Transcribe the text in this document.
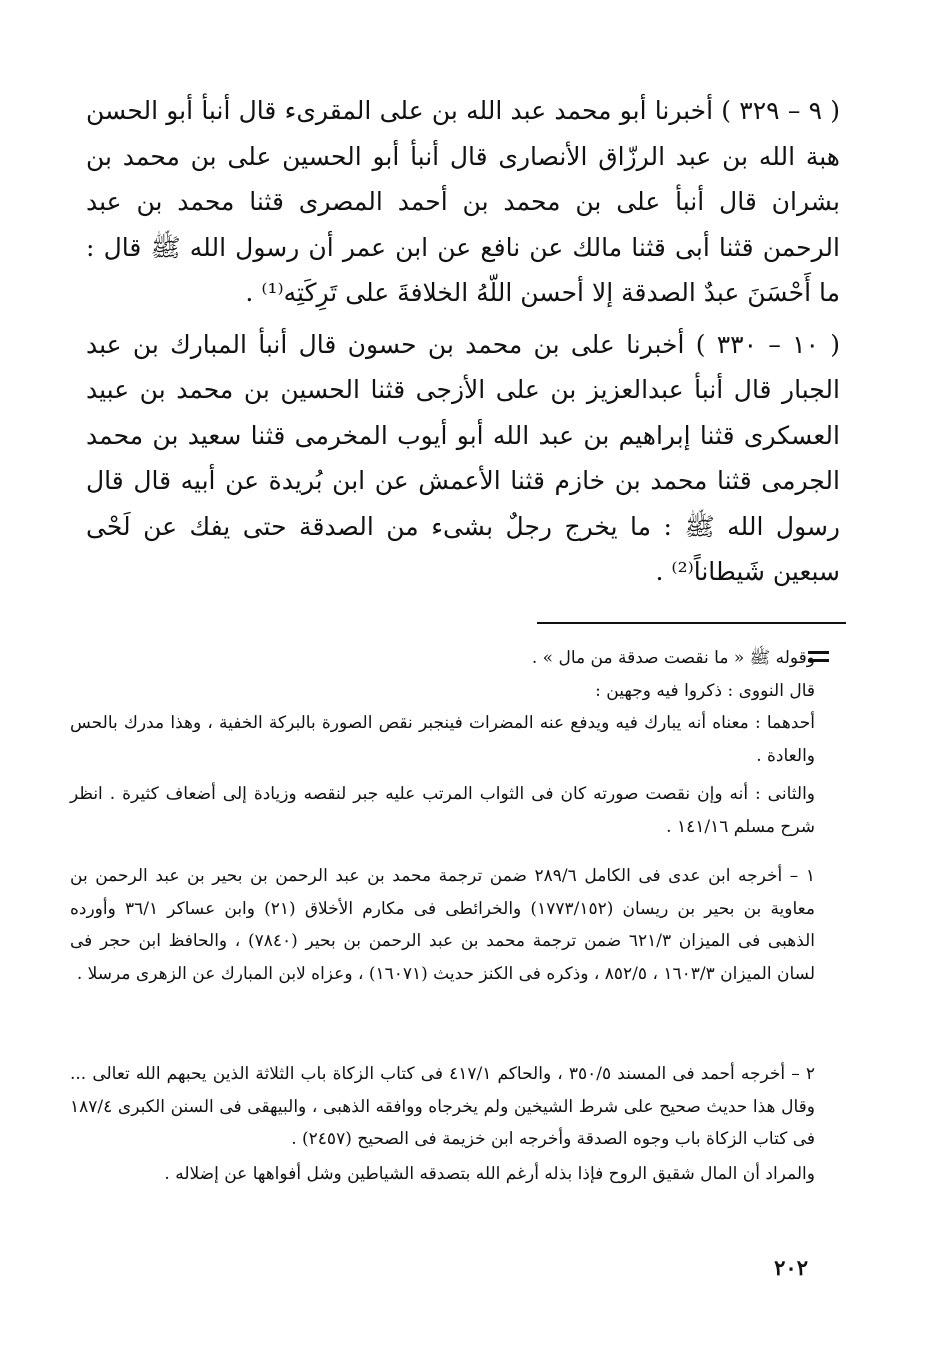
( ٩ – ٣٢٩ ) أخبرنا أبو محمد عبد الله بن على المقرىء قال أنبأ أبو الحسن هبة الله بن عبد الرزّاق الأنصارى قال أنبأ أبو الحسين على بن محمد بن بشران قال أنبأ على بن محمد بن أحمد المصرى قثنا محمد بن عبد الرحمن قثنا أبى قثنا مالك عن نافع عن ابن عمر أن رسول الله ﷺ قال : ما أَحْسَنَ عبدٌ الصدقة إلا أحسن اللّهُ الخلافةَ على تَرِكَتِه⁽¹⁾ .

( ١٠ – ٣٣٠ ) أخبرنا على بن محمد بن حسون قال أنبأ المبارك بن عبد الجبار قال أنبأ عبدالعزيز بن على الأزجى قثنا الحسين بن محمد بن عبيد العسكرى قثنا إبراهيم بن عبد الله أبو أيوب المخرمى قثنا سعيد بن محمد الجرمى قثنا محمد بن خازم قثنا الأعمش عن ابن بُريدة عن أبيه قال قال رسول الله ﷺ : ما يخرج رجلٌ بشىء من الصدقة حتى يفك عن لَحْى سبعين شَيطاناً⁽²⁾ .

وقوله ﷺ « ما نقصت صدقة من مال » .

قال النووى : ذكروا فيه وجهين :

أحدهما : معناه أنه يبارك فيه ويدفع عنه المضرات فينجبر نقص الصورة بالبركة الخفية ، وهذا مدرك بالحس والعادة .

والثانى : أنه وإن نقصت صورته كان فى الثواب المرتب عليه جبر لنقصه وزيادة إلى أضعاف كثيرة . انظر شرح مسلم ١٤١/١٦ .

١ – أخرجه ابن عدى فى الكامل ٢٨٩/٦ ضمن ترجمة محمد بن عبد الرحمن بن بحير بن عبد الرحمن بن معاوية بن بحير بن ريسان (١٧٧٣/١٥٢) والخرائطى فى مكارم الأخلاق (٢١) وابن عساكر ٣٦/١ وأورده الذهبى فى الميزان ٦٢١/٣ ضمن ترجمة محمد بن عبد الرحمن بن بحير (٧٨٤٠) ، والحافظ ابن حجر فى لسان الميزان ١٦٠٣/٣ ، ٨٥٢/٥ ، وذكره فى الكنز حديث (١٦٠٧١) ، وعزاه لابن المبارك عن الزهرى مرسلا .

٢ – أخرجه أحمد فى المسند ٣٥٠/٥ ، والحاكم ٤١٧/١ فى كتاب الزكاة باب الثلاثة الذين يحبهم الله تعالى ... وقال هذا حديث صحيح على شرط الشيخين ولم يخرجاه ووافقه الذهبى ، والبيهقى فى السنن الكبرى ١٨٧/٤ فى كتاب الزكاة باب وجوه الصدقة وأخرجه ابن خزيمة فى الصحيح (٢٤٥٧) .

والمراد أن المال شقيق الروح فإذا بذله أرغم الله بتصدقه الشياطين وشل أفواهها عن إضلاله .

٢٠٢
